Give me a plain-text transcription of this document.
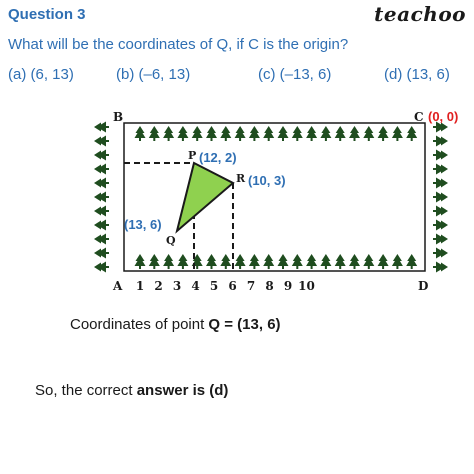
Question 3	teachoo
What will be the coordinates of Q, if C is the origin?
(a) (6, 13)	(b) (–6, 13)	(c) (–13, 6)	(d) (13, 6)
B	C
A	D
(0, 0)
P (12, 2)
R (10, 3)
Q
(13, 6)
1 2 3 4 5 6 7 8 9 10
Coordinates of point Q = (13, 6)
So, the correct answer is (d)
